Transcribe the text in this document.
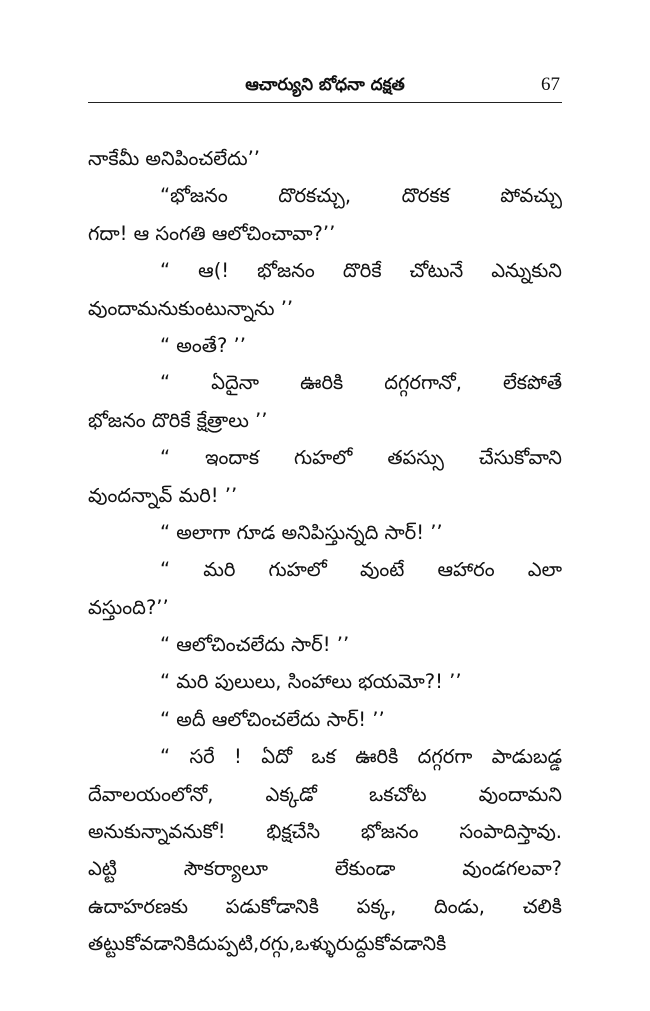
ఆచార్యుని బోధనా దక్షత	67
నాకేమీ అనిపించలేదు’’
“భోజనం దొరకచ్చు, దొరకక పోవచ్చు
గదా! ఆ సంగతి ఆలోచించావా?’’
“ ఆ(! భోజనం దొరికే చోటునే ఎన్నుకుని
వుందామనుకుంటున్నాను ’’
“ అంతే? ’’
“ ఏదైనా ఊరికి దగ్గరగానో, లేకపోతే
భోజనం దొరికే క్షేత్రాలు ’’
“ ఇందాక గుహలో తపస్సు చేసుకోవాని
వుందన్నావ్ మరి! ’’
“ అలాగా గూడ అనిపిస్తున్నది సార్! ’’
“ మరి గుహలో వుంటే ఆహారం ఎలా
వస్తుంది?’’
“ ఆలోచించలేదు సార్! ’’
“ మరి పులులు, సింహాలు భయమో?! ’’
“ అదీ ఆలోచించలేదు సార్! ’’
“ సరే ! ఏదో ఒక ఊరికి దగ్గరగా పాడుబడ్డ
దేవాలయంలోనో, ఎక్కడో ఒకచోట వుందామని
అనుకున్నావనుకో! భిక్షచేసి భోజనం సంపాదిస్తావు.
ఎట్టి సౌకర్యాలూ లేకుండా వుండగలవా?
ఉదాహరణకు పడుకోడానికి పక్క, దిండు, చలికి
తట్టుకోవడానికిదుప్పటి,రగ్గు,ఒళ్ళురుద్దుకోవడానికి
